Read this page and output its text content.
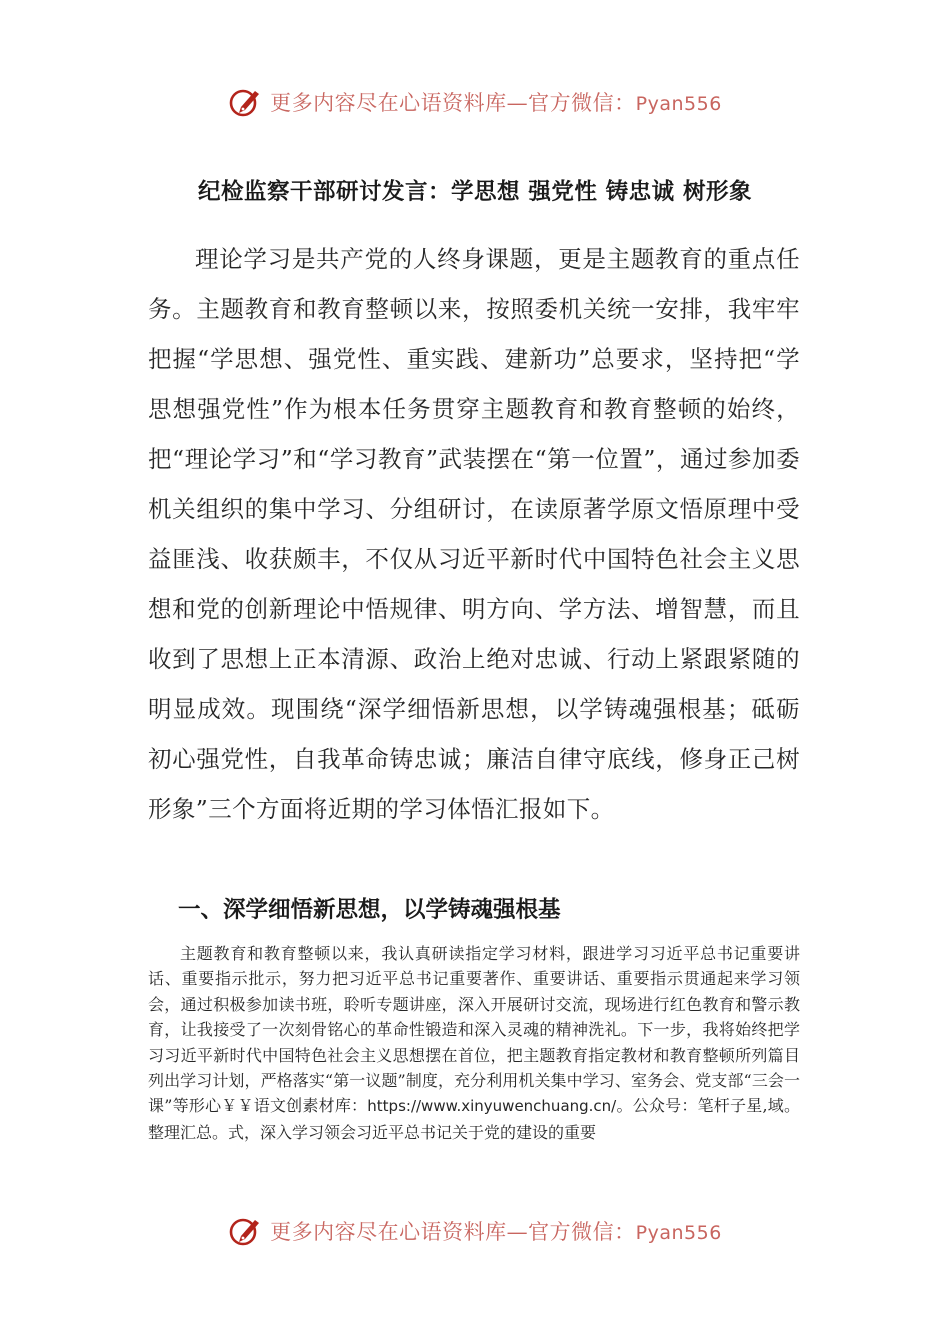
更多内容尽在心语资料库—官方微信：Pyan556
纪检监察干部研讨发言：学思想 强党性 铸忠诚 树形象

理论学习是共产党的人终身课题，更是主题教育的重点任务。主题教育和教育整顿以来，按照委机关统一安排，我牢牢把握“学思想、强党性、重实践、建新功”总要求，坚持把“学思想强党性”作为根本任务贯穿主题教育和教育整顿的始终，把“理论学习”和“学习教育”武装摆在“第一位置”，通过参加委机关组织的集中学习、分组研讨，在读原著学原文悟原理中受益匪浅、收获颇丰，不仅从习近平新时代中国特色社会主义思想和党的创新理论中悟规律、明方向、学方法、增智慧，而且收到了思想上正本清源、政治上绝对忠诚、行动上紧跟紧随的明显成效。现围绕“深学细悟新思想，以学铸魂强根基；砥砺初心强党性，自我革命铸忠诚；廉洁自律守底线，修身正己树形象”三个方面将近期的学习体悟汇报如下。

一、深学细悟新思想，以学铸魂强根基

主题教育和教育整顿以来，我认真研读指定学习材料，跟进学习习近平总书记重要讲话、重要指示批示，努力把习近平总书记重要著作、重要讲话、重要指示贯通起来学习领会，通过积极参加读书班，聆听专题讲座，深入开展研讨交流，现场进行红色教育和警示教育，让我接受了一次刻骨铭心的革命性锻造和深入灵魂的精神洗礼。下一步，我将始终把学习习近平新时代中国特色社会主义思想摆在首位，把主题教育指定教材和教育整顿所列篇目列出学习计划，严格落实“第一议题”制度，充分利用机关集中学习、室务会、党支部“三会一课”等形心￥￥语文创素材库：https://www.xinyuwenchuang.cn/。公众号：笔杆子星,域。整理汇总。式，深入学习领会习近平总书记关于党的建设的重要

更多内容尽在心语资料库—官方微信：Pyan556
